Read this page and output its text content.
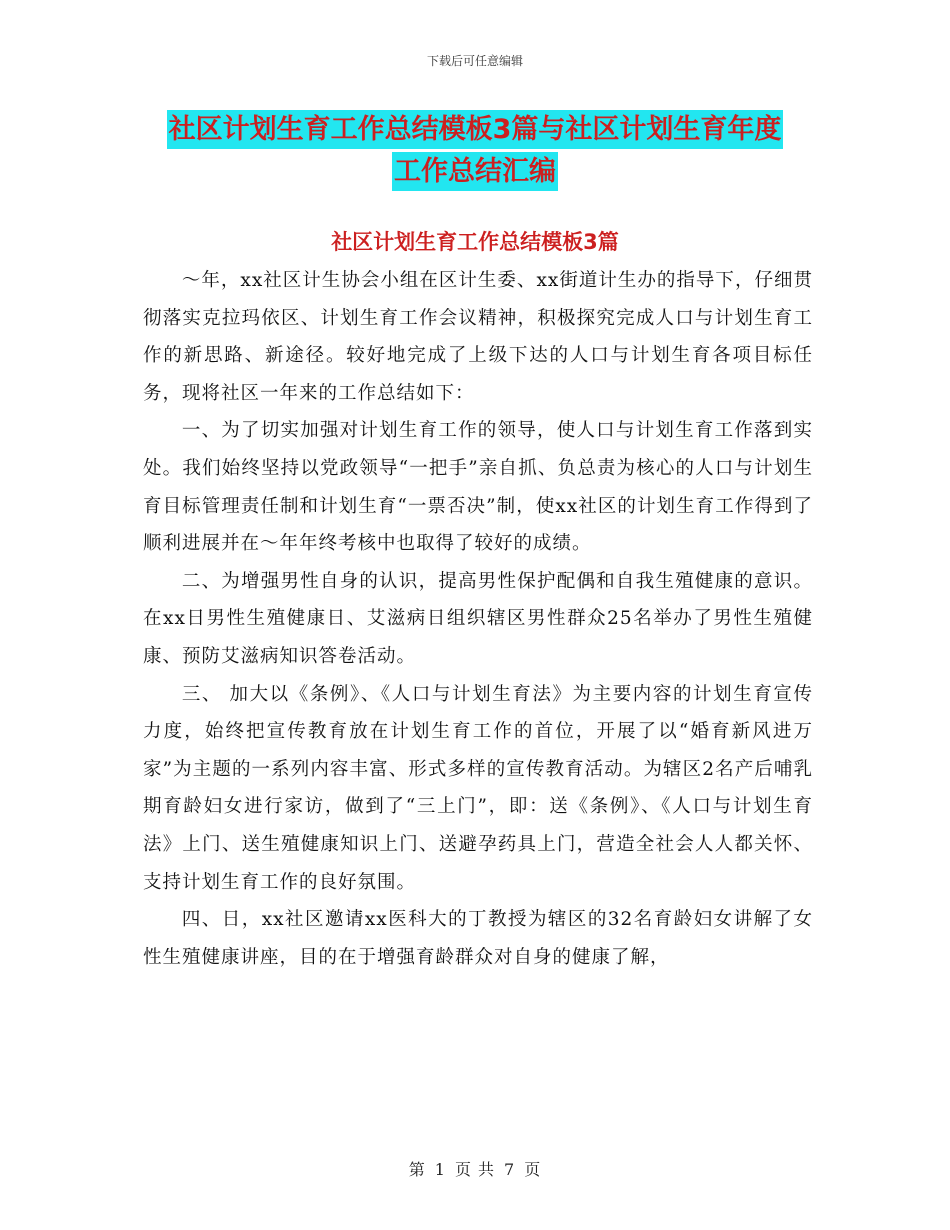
下载后可任意编辑
社区计划生育工作总结模板3篇与社区计划生育年度
工作总结汇编
社区计划生育工作总结模板3篇

～年，xx社区计生协会小组在区计生委、xx街道计生办的指导下，仔细贯彻落实克拉玛依区、计划生育工作会议精神，积极探究完成人口与计划生育工作的新思路、新途径。较好地完成了上级下达的人口与计划生育各项目标任务，现将社区一年来的工作总结如下：

一、为了切实加强对计划生育工作的领导，使人口与计划生育工作落到实处。我们始终坚持以党政领导“一把手”亲自抓、负总责为核心的人口与计划生育目标管理责任制和计划生育“一票否决”制，使xx社区的计划生育工作得到了顺利进展并在～年年终考核中也取得了较好的成绩。

二、为增强男性自身的认识，提高男性保护配偶和自我生殖健康的意识。在xx日男性生殖健康日、艾滋病日组织辖区男性群众25名举办了男性生殖健康、预防艾滋病知识答卷活动。

三、 加大以《条例》、《人口与计划生育法》为主要内容的计划生育宣传力度，始终把宣传教育放在计划生育工作的首位，开展了以“婚育新风进万家”为主题的一系列内容丰富、形式多样的宣传教育活动。为辖区2名产后哺乳期育龄妇女进行家访，做到了“三上门”，即：送《条例》、《人口与计划生育法》上门、送生殖健康知识上门、送避孕药具上门，营造全社会人人都关怀、支持计划生育工作的良好氛围。

四、日，xx社区邀请xx医科大的丁教授为辖区的32名育龄妇女讲解了女性生殖健康讲座，目的在于增强育龄群众对自身的健康了解，

第 1 页 共 7 页
